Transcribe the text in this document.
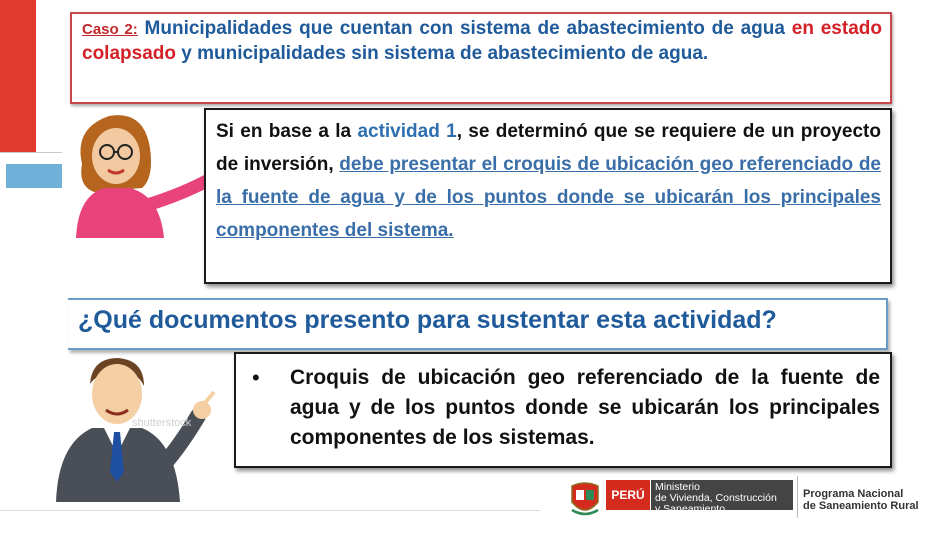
Caso 2: Municipalidades que cuentan con sistema de abastecimiento de agua en estado colapsado y municipalidades sin sistema de abastecimiento de agua.
Si en base a la actividad 1, se determinó que se requiere de un proyecto de inversión, debe presentar el croquis de ubicación geo referenciado de la fuente de agua y de los puntos donde se ubicarán los principales componentes del sistema.
¿Qué documentos presento para sustentar esta actividad?
shutterstock
•	Croquis de ubicación geo referenciado de la fuente de agua y de los puntos donde se ubicarán los principales componentes de los sistemas.
PERÚ
Ministerio
de Vivienda, Construcción
y Saneamiento
Programa Nacional
de Saneamiento Rural
